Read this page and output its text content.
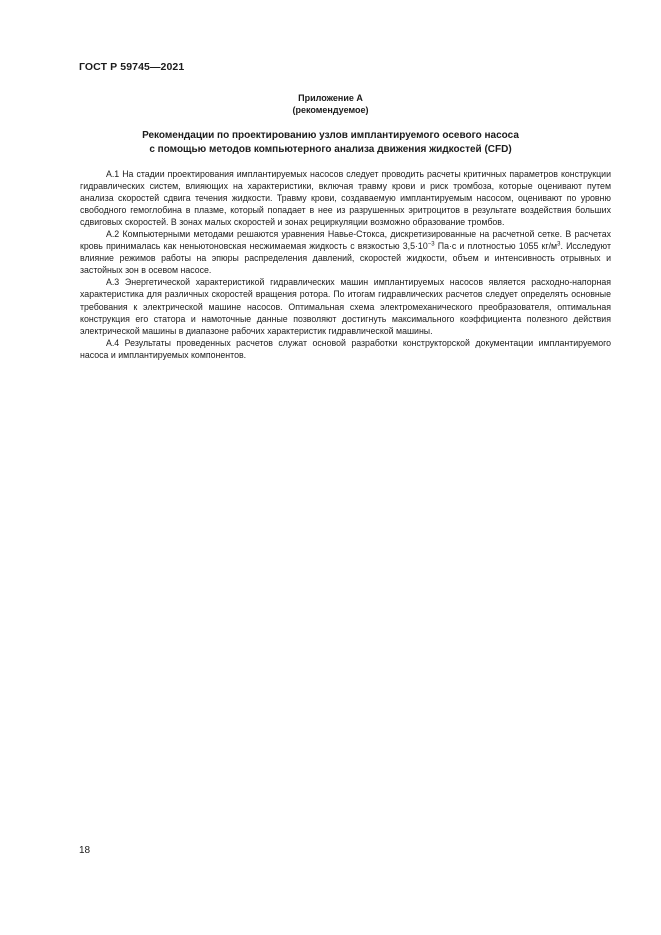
ГОСТ Р 59745—2021
Приложение А
(рекомендуемое)
Рекомендации по проектированию узлов имплантируемого осевого насоса
с помощью методов компьютерного анализа движения жидкостей (CFD)

А.1 На стадии проектирования имплантируемых насосов следует проводить расчеты критичных параметров конструкции гидравлических систем, влияющих на характеристики, включая травму крови и риск тромбоза, которые оценивают путем анализа скоростей сдвига течения жидкости. Травму крови, создаваемую имплантируемым насосом, оценивают по уровню свободного гемоглобина в плазме, который попадает в нее из разрушенных эритроцитов в результате воздействия больших сдвиговых скоростей. В зонах малых скоростей и зонах рециркуляции возможно образование тромбов.

А.2 Компьютерными методами решаются уравнения Навье-Стокса, дискретизированные на расчетной сетке. В расчетах кровь принималась как неньютоновская несжимаемая жидкость с вязкостью $3,5\cdot 10^{-3}$ Па·с и плотностью 1055 $кг/м^3$. Исследуют влияние режимов работы на эпюры распределения давлений, скоростей жидкости, объем и интенсивность отрывных и застойных зон в осевом насосе.

А.3 Энергетической характеристикой гидравлических машин имплантируемых насосов является расходно-напорная характеристика для различных скоростей вращения ротора. По итогам гидравлических расчетов следует определять основные требования к электрической машине насосов. Оптимальная схема электромеханического преобразователя, оптимальная конструкция его статора и намоточные данные позволяют достигнуть максимального коэффициента полезного действия электрической машины в диапазоне рабочих характеристик гидравлической машины.

А.4 Результаты проведенных расчетов служат основой разработки конструкторской документации имплантируемого насоса и имплантируемых компонентов.

18
